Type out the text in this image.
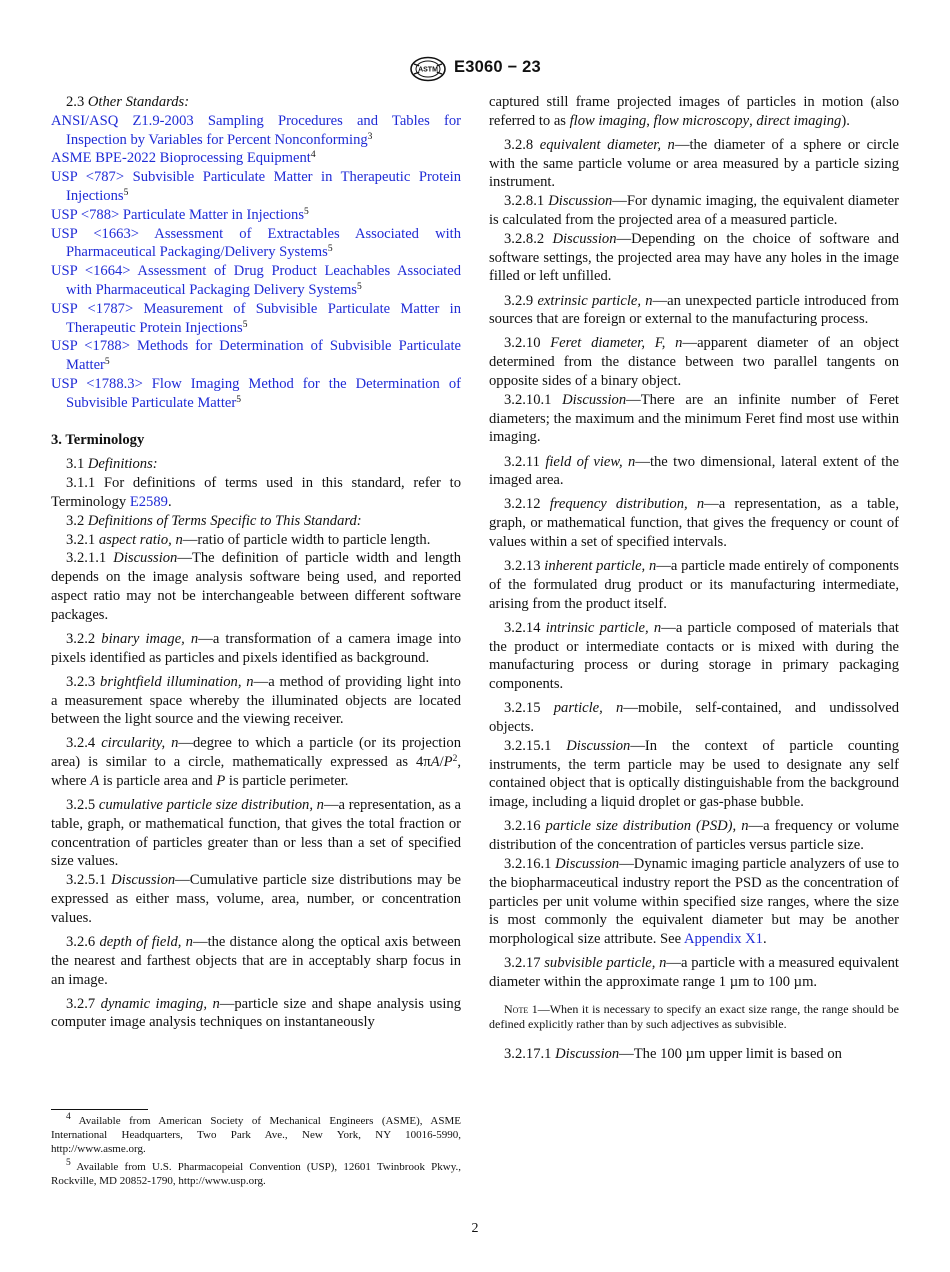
ASTM E3060 − 23

2.3 Other Standards:

ANSI/ASQ Z1.9-2003 Sampling Procedures and Tables for Inspection by Variables for Percent Nonconforming$^3$

ASME BPE-2022 Bioprocessing Equipment$^4$

USP <787> Subvisible Particulate Matter in Therapeutic Protein Injections$^5$

USP <788> Particulate Matter in Injections$^5$

USP <1663> Assessment of Extractables Associated with Pharmaceutical Packaging/Delivery Systems$^5$

USP <1664> Assessment of Drug Product Leachables Associated with Pharmaceutical Packaging Delivery Systems$^5$

USP <1787> Measurement of Subvisible Particulate Matter in Therapeutic Protein Injections$^5$

USP <1788> Methods for Determination of Subvisible Particulate Matter$^5$

USP <1788.3> Flow Imaging Method for the Determination of Subvisible Particulate Matter$^5$

3. Terminology

3.1 Definitions:

3.1.1 For definitions of terms used in this standard, refer to Terminology E2589.

3.2 Definitions of Terms Specific to This Standard:

3.2.1 aspect ratio, n—ratio of particle width to particle length.

3.2.1.1 Discussion—The definition of particle width and length depends on the image analysis software being used, and reported aspect ratio may not be interchangeable between different software packages.

3.2.2 binary image, n—a transformation of a camera image into pixels identified as particles and pixels identified as background.

3.2.3 brightfield illumination, n—a method of providing light into a measurement space whereby the illuminated objects are located between the light source and the viewing receiver.

3.2.4 circularity, n—degree to which a particle (or its projection area) is similar to a circle, mathematically expressed as $4\pi A/P^2$, where A is particle area and P is particle perimeter.

3.2.5 cumulative particle size distribution, n—a representation, as a table, graph, or mathematical function, that gives the total fraction or concentration of particles greater than or less than a set of specified size values.

3.2.5.1 Discussion—Cumulative particle size distributions may be expressed as either mass, volume, area, number, or concentration values.

3.2.6 depth of field, n—the distance along the optical axis between the nearest and farthest objects that are in acceptably sharp focus in an image.

3.2.7 dynamic imaging, n—particle size and shape analysis using computer image analysis techniques on instantaneously

captured still frame projected images of particles in motion (also referred to as flow imaging, flow microscopy, direct imaging).

3.2.8 equivalent diameter, n—the diameter of a sphere or circle with the same particle volume or area measured by a particle sizing instrument.

3.2.8.1 Discussion—For dynamic imaging, the equivalent diameter is calculated from the projected area of a measured particle.

3.2.8.2 Discussion—Depending on the choice of software and software settings, the projected area may have any holes in the image filled or left unfilled.

3.2.9 extrinsic particle, n—an unexpected particle introduced from sources that are foreign or external to the manufacturing process.

3.2.10 Feret diameter, F, n—apparent diameter of an object determined from the distance between two parallel tangents on opposite sides of a binary object.

3.2.10.1 Discussion—There are an infinite number of Feret diameters; the maximum and the minimum Feret find most use within imaging.

3.2.11 field of view, n—the two dimensional, lateral extent of the imaged area.

3.2.12 frequency distribution, n—a representation, as a table, graph, or mathematical function, that gives the frequency or count of values within a set of specified intervals.

3.2.13 inherent particle, n—a particle made entirely of components of the formulated drug product or its manufacturing intermediate, arising from the product itself.

3.2.14 intrinsic particle, n—a particle composed of materials that the product or intermediate contacts or is mixed with during the manufacturing process or during storage in primary packaging components.

3.2.15 particle, n—mobile, self-contained, and undissolved objects.

3.2.15.1 Discussion—In the context of particle counting instruments, the term particle may be used to designate any self contained object that is optically distinguishable from the background image, including a liquid droplet or gas-phase bubble.

3.2.16 particle size distribution (PSD), n—a frequency or volume distribution of the concentration of particles versus particle size.

3.2.16.1 Discussion—Dynamic imaging particle analyzers of use to the biopharmaceutical industry report the PSD as the concentration of particles per unit volume within specified size ranges, where the size is most commonly the equivalent diameter but may be another morphological size attribute. See Appendix X1.

3.2.17 subvisible particle, n—a particle with a measured equivalent diameter within the approximate range 1 µm to 100 µm.

Note 1—When it is necessary to specify an exact size range, the range should be defined explicitly rather than by such adjectives as subvisible.

3.2.17.1 Discussion—The 100 µm upper limit is based on

$^4$ Available from American Society of Mechanical Engineers (ASME), ASME International Headquarters, Two Park Ave., New York, NY 10016-5990, http://www.asme.org.

$^5$ Available from U.S. Pharmacopeial Convention (USP), 12601 Twinbrook Pkwy., Rockville, MD 20852-1790, http://www.usp.org.

2
